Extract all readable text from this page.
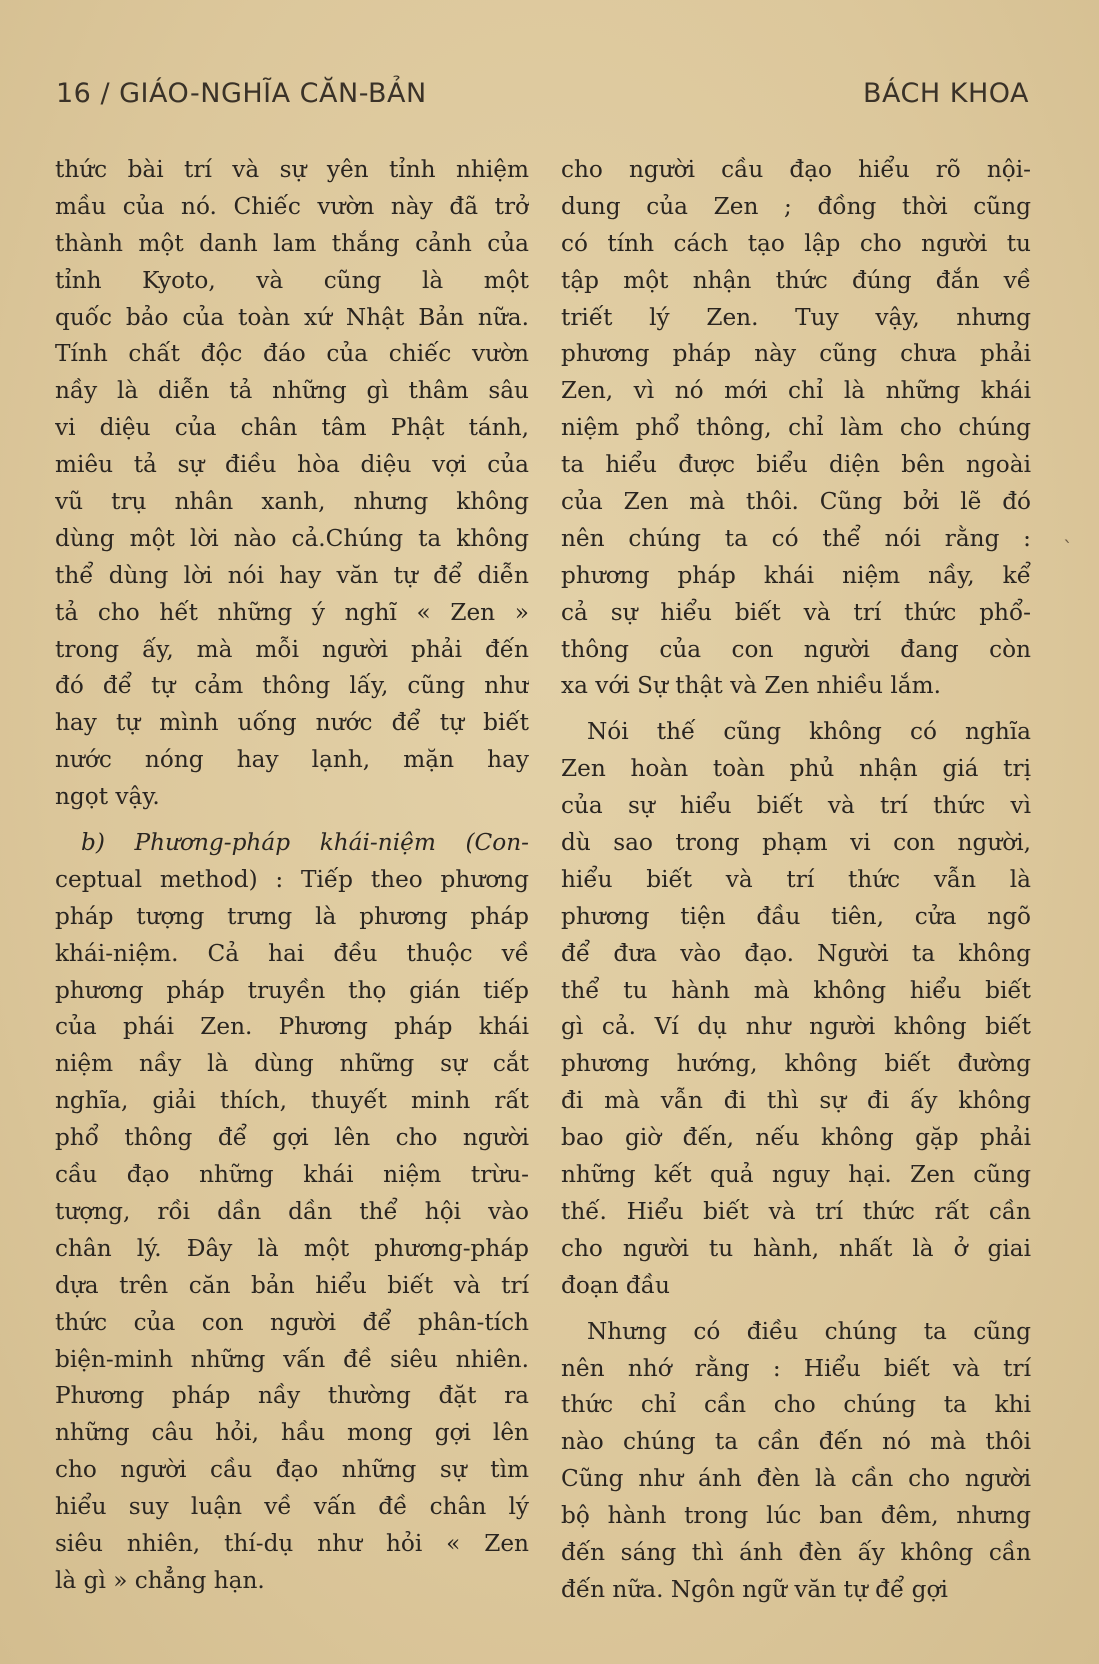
16 / GIÁO-NGHĨA CĂN-BẢN	BÁCH KHOA
thức bài trí và sự yên tỉnh nhiệm
mầu của nó. Chiếc vườn này đã trở
thành một danh lam thắng cảnh của
tỉnh Kyoto, và cũng là một
quốc bảo của toàn xứ Nhật Bản nữa.
Tính chất độc đáo của chiếc vườn
nầy là diễn tả những gì thâm sâu
vi diệu của chân tâm Phật tánh,
miêu tả sự điều hòa diệu vợi của
vũ trụ nhân xanh, nhưng không
dùng một lời nào cả.Chúng ta không
thể dùng lời nói hay văn tự để diễn
tả cho hết những ý nghĩ « Zen »
trong ấy, mà mỗi người phải đến
đó để tự cảm thông lấy, cũng như
hay tự mình uống nước để tự biết
nước nóng hay lạnh, mặn hay
ngọt vậy.
b) Phương-pháp khái-niệm (Con-
ceptual method) : Tiếp theo phương
pháp tượng trưng là phương pháp
khái-niệm. Cả hai đều thuộc về
phương pháp truyền thọ gián tiếp
của phái Zen. Phương pháp khái
niệm nầy là dùng những sự cắt
nghĩa, giải thích, thuyết minh rất
phổ thông để gợi lên cho người
cầu đạo những khái niệm trừu-
tượng, rồi dần dần thể hội vào
chân lý. Đây là một phương-pháp
dựa trên căn bản hiểu biết và trí
thức của con người để phân-tích
biện-minh những vấn đề siêu nhiên.
Phương pháp nầy thường đặt ra
những câu hỏi, hầu mong gợi lên
cho người cầu đạo những sự tìm
hiểu suy luận về vấn đề chân lý
siêu nhiên, thí-dụ như hỏi « Zen
là gì » chẳng hạn.
cho người cầu đạo hiểu rõ nội-
dung của Zen ; đồng thời cũng
có tính cách tạo lập cho người tu
tập một nhận thức đúng đắn về
triết lý Zen. Tuy vậy, nhưng
phương pháp này cũng chưa phải
Zen, vì nó mới chỉ là những khái
niệm phổ thông, chỉ làm cho chúng
ta hiểu được biểu diện bên ngoài
của Zen mà thôi. Cũng bởi lẽ đó
nên chúng ta có thể nói rằng :
phương pháp khái niệm nầy, kể
cả sự hiểu biết và trí thức phổ-
thông của con người đang còn
xa với Sự thật và Zen nhiều lắm.
Nói thế cũng không có nghĩa
Zen hoàn toàn phủ nhận giá trị
của sự hiểu biết và trí thức vì
dù sao trong phạm vi con người,
hiểu biết và trí thức vẫn là
phương tiện đầu tiên, cửa ngõ
để đưa vào đạo. Người ta không
thể tu hành mà không hiểu biết
gì cả. Ví dụ như người không biết
phương hướng, không biết đường
đi mà vẫn đi thì sự đi ấy không
bao giờ đến, nếu không gặp phải
những kết quả nguy hại. Zen cũng
thế. Hiểu biết và trí thức rất cần
cho người tu hành, nhất là ở giai
đoạn đầu
Nhưng có điều chúng ta cũng
nên nhớ rằng : Hiểu biết và trí
thức chỉ cần cho chúng ta khi
nào chúng ta cần đến nó mà thôi
Cũng như ánh đèn là cần cho người
bộ hành trong lúc ban đêm, nhưng
đến sáng thì ánh đèn ấy không cần
đến nữa. Ngôn ngữ văn tự để gợi
`
